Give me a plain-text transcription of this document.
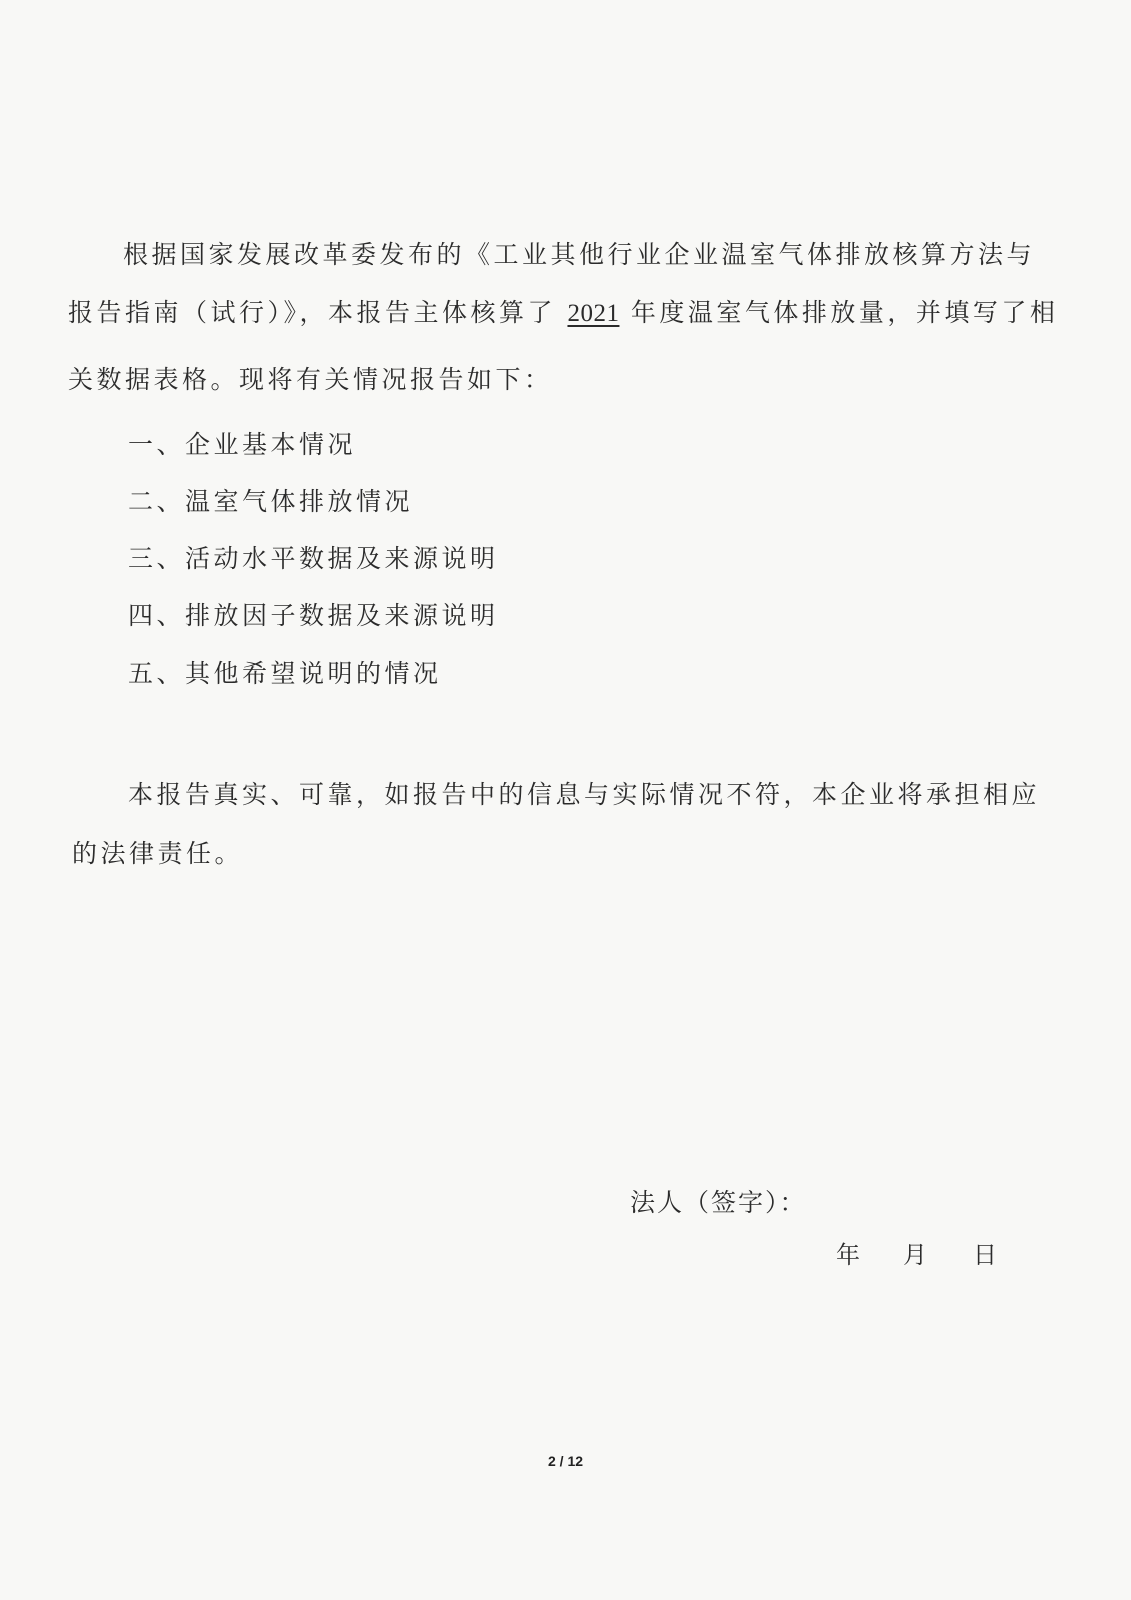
根据国家发展改革委发布的《工业其他行业企业温室气体排放核算方法与
报告指南（试行）》，本报告主体核算了 2021 年度温室气体排放量，并填写了相
关数据表格。现将有关情况报告如下：
一、企业基本情况
二、温室气体排放情况
三、活动水平数据及来源说明
四、排放因子数据及来源说明
五、其他希望说明的情况
本报告真实、可靠，如报告中的信息与实际情况不符，本企业将承担相应
的法律责任。
法人（签字）：
年 月 日
2 / 12
